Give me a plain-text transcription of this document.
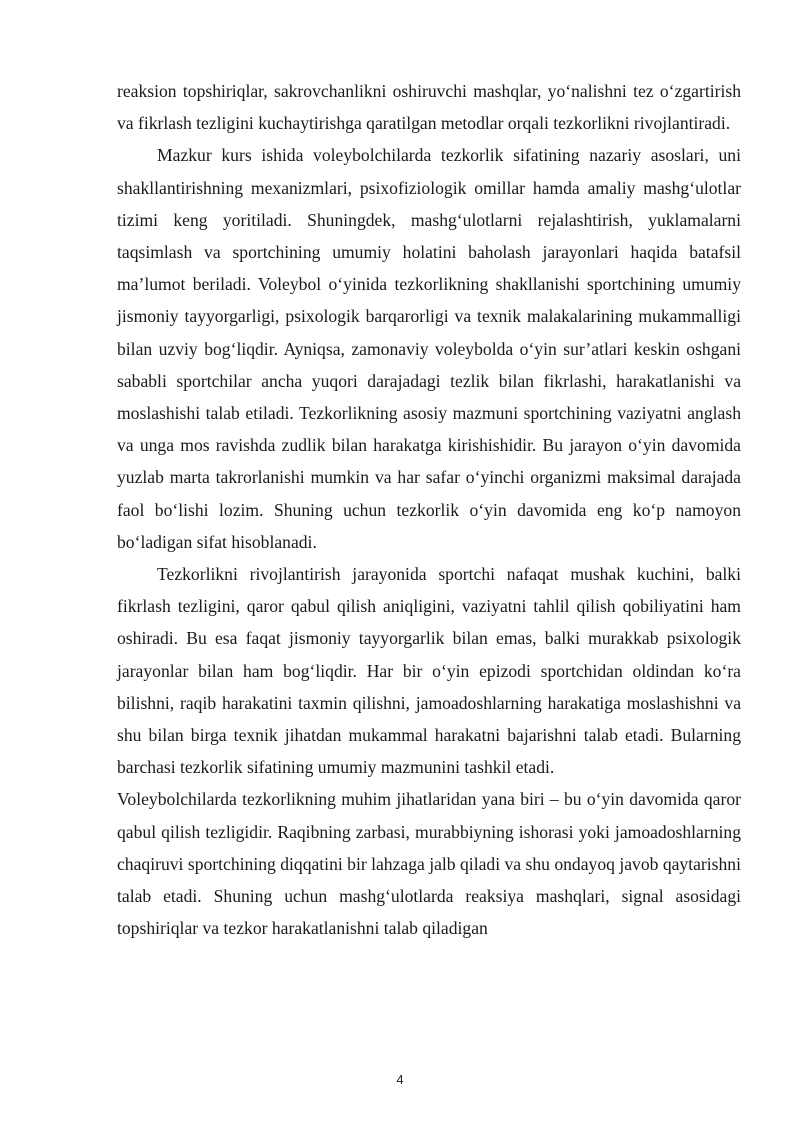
reaksion topshiriqlar, sakrovchanlikni oshiruvchi mashqlar, yo‘nalishni tez o‘zgartirish va fikrlash tezligini kuchaytirishga qaratilgan metodlar orqali tezkorlikni rivojlantiradi.

Mazkur kurs ishida voleybolchilarda tezkorlik sifatining nazariy asoslari, uni shakllantirishning mexanizmlari, psixofiziologik omillar hamda amaliy mashg‘ulotlar tizimi keng yoritiladi. Shuningdek, mashg‘ulotlarni rejalashtirish, yuklamalarni taqsimlash va sportchining umumiy holatini baholash jarayonlari haqida batafsil ma’lumot beriladi. Voleybol o‘yinida tezkorlikning shakllanishi sportchining umumiy jismoniy tayyorgarligi, psixologik barqarorligi va texnik malakalarining mukammalligi bilan uzviy bog‘liqdir. Ayniqsa, zamonaviy voleybolda o‘yin sur’atlari keskin oshgani sababli sportchilar ancha yuqori darajadagi tezlik bilan fikrlashi, harakatlanishi va moslashishi talab etiladi. Tezkorlikning asosiy mazmuni sportchining vaziyatni anglash va unga mos ravishda zudlik bilan harakatga kirishishidir. Bu jarayon o‘yin davomida yuzlab marta takrorlanishi mumkin va har safar o‘yinchi organizmi maksimal darajada faol bo‘lishi lozim. Shuning uchun tezkorlik o‘yin davomida eng ko‘p namoyon bo‘ladigan sifat hisoblanadi.

Tezkorlikni rivojlantirish jarayonida sportchi nafaqat mushak kuchini, balki fikrlash tezligini, qaror qabul qilish aniqligini, vaziyatni tahlil qilish qobiliyatini ham oshiradi. Bu esa faqat jismoniy tayyorgarlik bilan emas, balki murakkab psixologik jarayonlar bilan ham bog‘liqdir. Har bir o‘yin epizodi sportchidan oldindan ko‘ra bilishni, raqib harakatini taxmin qilishni, jamoadoshlarning harakatiga moslashishni va shu bilan birga texnik jihatdan mukammal harakatni bajarishni talab etadi. Bularning barchasi tezkorlik sifatining umumiy mazmunini tashkil etadi.

Voleybolchilarda tezkorlikning muhim jihatlaridan yana biri – bu o‘yin davomida qaror qabul qilish tezligidir. Raqibning zarbasi, murabbiyning ishorasi yoki jamoadoshlarning chaqiruvi sportchining diqqatini bir lahzaga jalb qiladi va shu ondayoq javob qaytarishni talab etadi. Shuning uchun mashg‘ulotlarda reaksiya mashqlari, signal asosidagi topshiriqlar va tezkor harakatlanishni talab qiladigan

4
